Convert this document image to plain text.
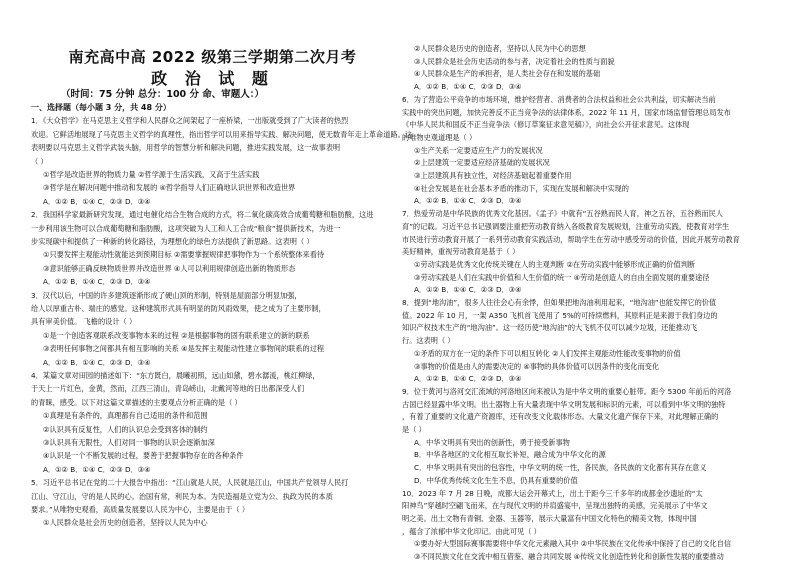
南充高中高 2022 级第三学期第二次月考
政 治 试 题
（时间：75 分钟 总分：100 分 命、审题人：）
一、选择题（每小题 3 分，共 48 分）
1．《大众哲学》在马克思主义哲学和人民群众之间架起了一座桥梁，一出版就受到了广大读者的热烈
欢迎。它鲜活地展现了马克思主义哲学的真理性，指出哲学可以用来指导实践、解决问题，使无数青年走上革命道路。这
表明要以马克思主义哲学武装头脑，用哲学的智慧分析和解决问题，推进实践发展，这一故事表明
（ ）
①哲学是改造世界的物质力量 ②哲学源于生活实践，又高于生活实践
③哲学是在解决问题中推动和发展的 ④哲学指导人们正确地认识世界和改造世界
A．①② B．①④ C．②③ D．③④
2．我国科学家最新研究发现，通过电催化结合生物合成的方式，将二氧化碳高效合成葡萄糖和脂肪酸，这进
一步利用该生物可以合成葡萄糖和脂肪酸，这项突破为人工和人工合成“粮食”提供新技术，为进一
步实现碳中和提供了一种新的转化路径，为理想化的绿色方法提供了新思路。这表明（ ）
①只要发挥主观能动性就能达到预期目标 ②需要掌握规律把事物作为一个系统整体来看待
③意识能够正确反映物质世界并改造世界 ④人可以利用规律创造出新的物质形态
A．①② B．①④ C．②③ D．③④
3．汉代以后，中国的许多建筑逐渐形成了硬山顶的形制，特别是屋面部分明显加强，
给人以厚重古朴、端庄的感觉。这种建筑形式具有明显的防风雨效果，使之成为了主要形制，
具有审美价值。 飞檐的设计（ ）
①是一个创造客观联系改变事物本来的过程 ②是根据事物的固有联系建立的新的联系
③表明任何事物之间都具有相互影响的关系 ④是发挥主观能动性建立事物间的联系的过程
A．①② B．①④ C．②③ D．③④
4．某篇文章对田园的描述如下：“东方既白，晨曦初照，远山如黛，碧水潺湲，桃红柳绿，
于天上一片红色，金黄，然而，江西三清山，青岛崂山，北戴河等地的日出都深受人们
的青睐，感受。以下对这篇文章描述的主要观点分析正确的是（ ）
①真理是有条件的，真理都有自己适用的条件和范围
②认识具有反复性，人们的认识总会受到客体的制约
③认识具有无限性，人们对同一事物的认识会逐渐加深
④认识是一个不断发展的过程，要善于把握事物存在的各种条件
A．①② B．①④ C．②③ D．③④
5．习近平总书记在党的二十大报告中指出：“江山就是人民，人民就是江山，中国共产党领导人民打
江山、守江山，守的是人民的心。治国有常，利民为本。为民造福是立党为公、执政为民的本质
要求。”从唯物史观看，高质量发展要以人民为中心，主要是由于（ ）
①人民群众是社会历史的创造者，坚持以人民为中心
②人民群众是历史的创造者，坚持以人民为中心的思想
③人民群众是社会历史活动的参与者，决定着社会的性质与面貌
④人民群众是生产的承担者，是人类社会存在和发展的基础
A．①② B．①④ C．②③ D．③④
6．为了营造公平竞争的市场环境，维护经营者、消费者的合法权益和社会公共利益，切实解决当前
实践中的突出问题，加快完善反不正当竞争法的法律体系，2022 年 11 月，国家市场监督管理总局发布
《中华人民共和国反不正当竞争法（修订草案征求意见稿）》，向社会公开征求意见。这体现
的唯物史观道理是（ ）
①生产关系一定要适应生产力的发展状况
②上层建筑一定要适应经济基础的发展状况
③上层建筑具有独立性，对经济基础起着重要作用
④社会发展是在社会基本矛盾的推动下，实现在发展和解决中实现的
A．①② B．①④ C．②③ D．③④
7．热爱劳动是中华民族的优秀文化基因。《孟子》中就有“五谷熟而民人育，神之五谷，五谷熟而民人
育”的记载。习近平总书记强调要注重把劳动教育纳入各级教育发展规划，注重劳动实践，使教育对学生
市民进行劳动教育开展了一系列劳动教育实践活动，帮助学生在劳动中感受劳动的价值，因此开展劳动教育
美好精神，重视劳动教育是基于（ ）
①劳动实践是优秀文化传统关键在人的主观判断 ②在劳动实践中能够形成正确的价值判断
③劳动实践是人们在实践中价值和人生价值的统一 ④劳动是创造人的自由全面发展的重要途径
A．①② B．①④ C．②③ D．③④
8．提到“地沟油”，很多人往往会心有余悸，但如果把地沟油利用起来，“地沟油”也能发挥它的价值
值。2022 年 10 月，一架 A350 飞机首飞使用了 5%的可持续燃料，其原料正是来源于我们身边的
知识产权技术生产的“地沟油”。这一经历使“地沟油”的大飞机不仅可以减少垃圾，还能推动飞
行。这表明（ ）
①矛盾的双方在一定的条件下可以相互转化 ②人们发挥主观能动性能改变事物的价值
③事物的价值是由人的需要决定的 ④事物的具体价值可以因条件的变化而变化
A．①② B．①④ C．②③ D．③④
9．位于黄河与洛河交汇流域的河洛地区向来被认为是中华文明的重要心脏带。距今 5300 年前后的河洛
古国已经显露中华文明。出土器物上有大量表现中华文明发展和标识的元素，可以看到中华文明的独特
，有着了重要的文化遗产资源库，还有改变文化载体形态。大量文化遗产保存下来，对此理解正确的
是（ ）
A．中华文明具有突出的创新性，勇于接受新事物
B．中华各地区的文化相互取长补短，融合成为中华文化的源
C．中华文明具有突出的包容性，中华文明的统一性，各民族，各民族的文化都有其存在意义
D．中华优秀传统文化生生不息，仍具有重要的价值
10．2023 年 7 月 28 日晚，成都大运会开幕式上，出土于距今三千多年的成都金沙遗址的“太
阳神鸟”穿越时空翩飞而来，在与现代文明的并肩盛宴中，呈现出独特的美感，完美展示了中华文
明之美。出土文物有青铜、金器、玉器等，展示大量富有中国文化特色的精美文物，体现中国
，蕴含了浓郁中华文化印记。由此可见（ ）
①要办好大型国际赛事需要将中华文化元素融入其中 ②中华民族在文化传承中保持了自己的文化自信
③不同民族文化在交流中相互借鉴、融合共同发展 ④传统文化创造性转化和创新性发展的重要推动
